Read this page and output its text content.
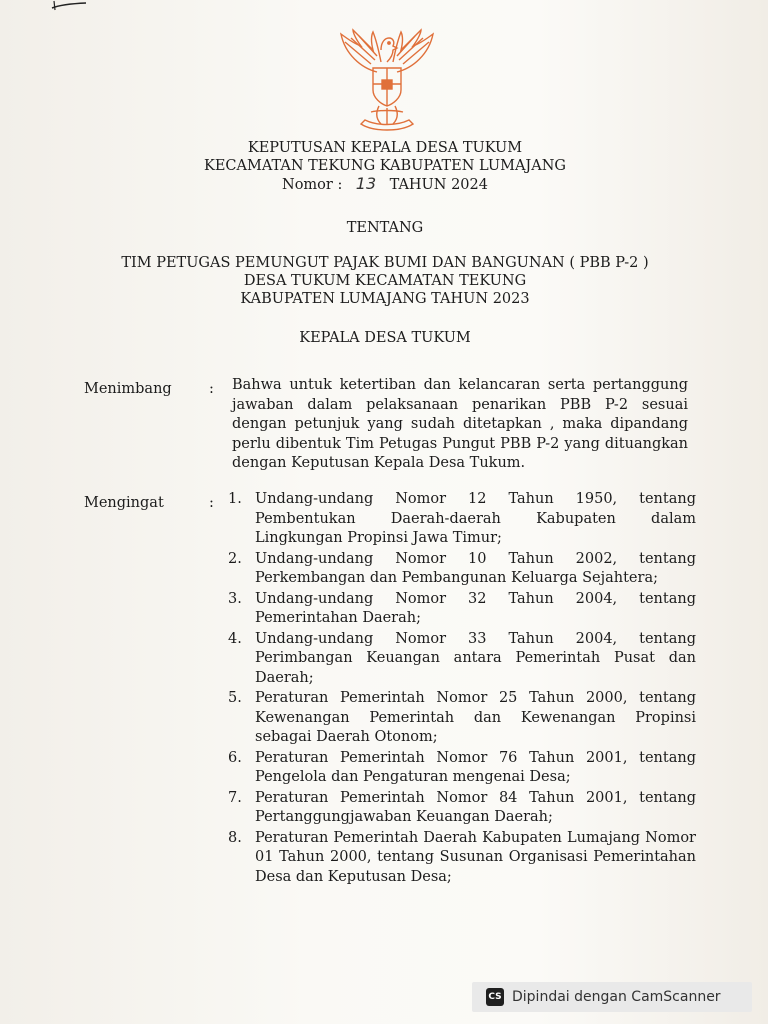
KEPUTUSAN KEPALA DESA TUKUM
KECAMATAN TEKUNG KABUPATEN LUMAJANG
Nomor : 13 TAHUN 2024
TENTANG
TIM PETUGAS PEMUNGUT PAJAK BUMI DAN BANGUNAN ( PBB P-2 )
DESA TUKUM KECAMATAN TEKUNG
KABUPATEN LUMAJANG TAHUN 2023
KEPALA DESA TUKUM
Menimbang	: Bahwa untuk ketertiban dan kelancaran serta pertanggung jawaban dalam pelaksanaan penarikan PBB P-2 sesuai dengan petunjuk yang sudah ditetapkan , maka dipandang perlu dibentuk Tim Petugas Pungut PBB P-2 yang dituangkan dengan Keputusan Kepala Desa Tukum.
Mengingat	: 1. Undang-undang Nomor 12 Tahun 1950, tentang Pembentukan Daerah-daerah Kabupaten dalam Lingkungan Propinsi Jawa Timur;
2. Undang-undang Nomor 10 Tahun 2002, tentang Perkembangan dan Pembangunan Keluarga Sejahtera;
3. Undang-undang Nomor 32 Tahun 2004, tentang Pemerintahan Daerah;
4. Undang-undang Nomor 33 Tahun 2004, tentang Perimbangan Keuangan antara Pemerintah Pusat dan Daerah;
5. Peraturan Pemerintah Nomor 25 Tahun 2000, tentang Kewenangan Pemerintah dan Kewenangan Propinsi sebagai Daerah Otonom;
6. Peraturan Pemerintah Nomor 76 Tahun 2001, tentang Pengelola dan Pengaturan mengenai Desa;
7. Peraturan Pemerintah Nomor 84 Tahun 2001, tentang Pertanggungjawaban Keuangan Daerah;
8. Peraturan Pemerintah Daerah Kabupaten Lumajang Nomor 01 Tahun 2000, tentang Susunan Organisasi Pemerintahan Desa dan Keputusan Desa;
CS Dipindai dengan CamScanner
